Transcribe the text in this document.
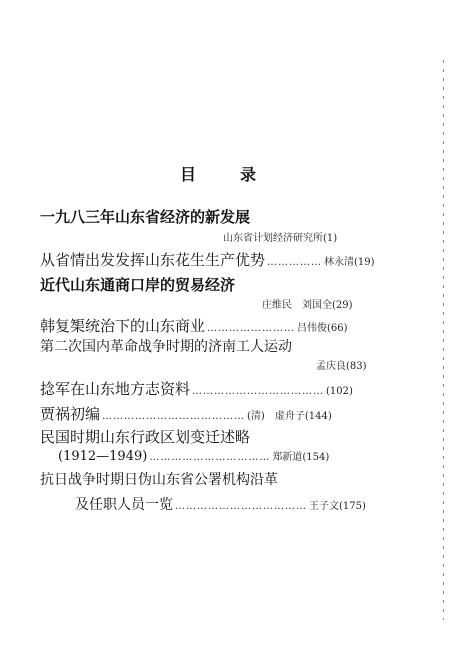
目　录
一九八三年山东省经济的新发展
山东省计划经济研究所 (1)
从省情出发发挥山东花生生产优势 …………… 林永清 (19)
近代山东通商口岸的贸易经济
庄维民　刘国全 (29)
韩复榘统治下的山东商业 …………………… 吕伟俊 (66)
第二次国内革命战争时期的济南工人运动
孟庆良 (83)
捻军在山东地方志资料 ……………………………… (102)
贾祸初编 ………………………………… (清)　虚舟子 (144)
民国时期山东行政区划变迁述略
(1912—1949) …………………………… 郑新道 (154)
抗日战争时期日伪山东省公署机构沿革
及任职人员一览 ……………………………… 王子文 (175)
